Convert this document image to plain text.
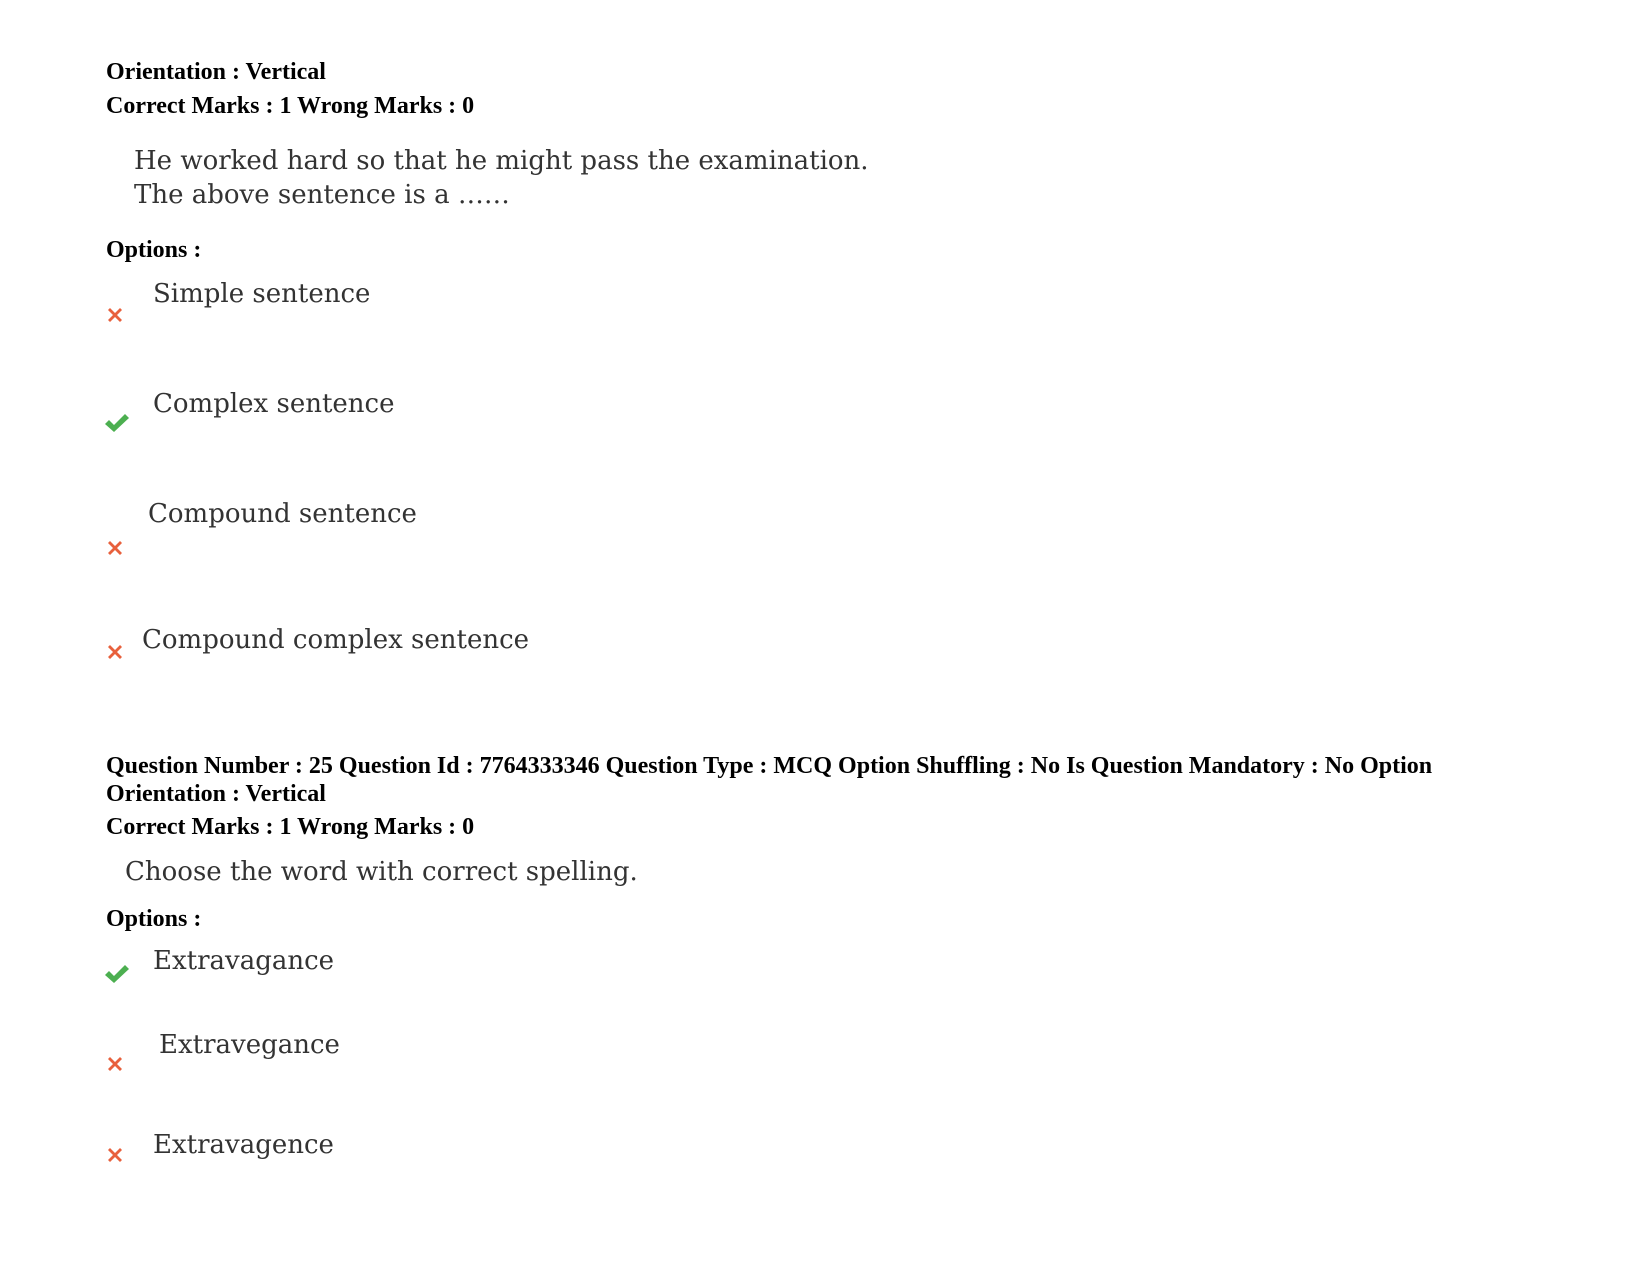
Orientation : Vertical
Correct Marks : 1 Wrong Marks : 0
He worked hard so that he might pass the examination.
The above sentence is a ……
Options :
Simple sentence
Complex sentence
Compound sentence
Compound complex sentence
Question Number : 25 Question Id : 7764333346 Question Type : MCQ Option Shuffling : No Is Question Mandatory : No Option
Orientation : Vertical
Correct Marks : 1 Wrong Marks : 0
Choose the word with correct spelling.
Options :
Extravagance
Extravegance
Extravagence
